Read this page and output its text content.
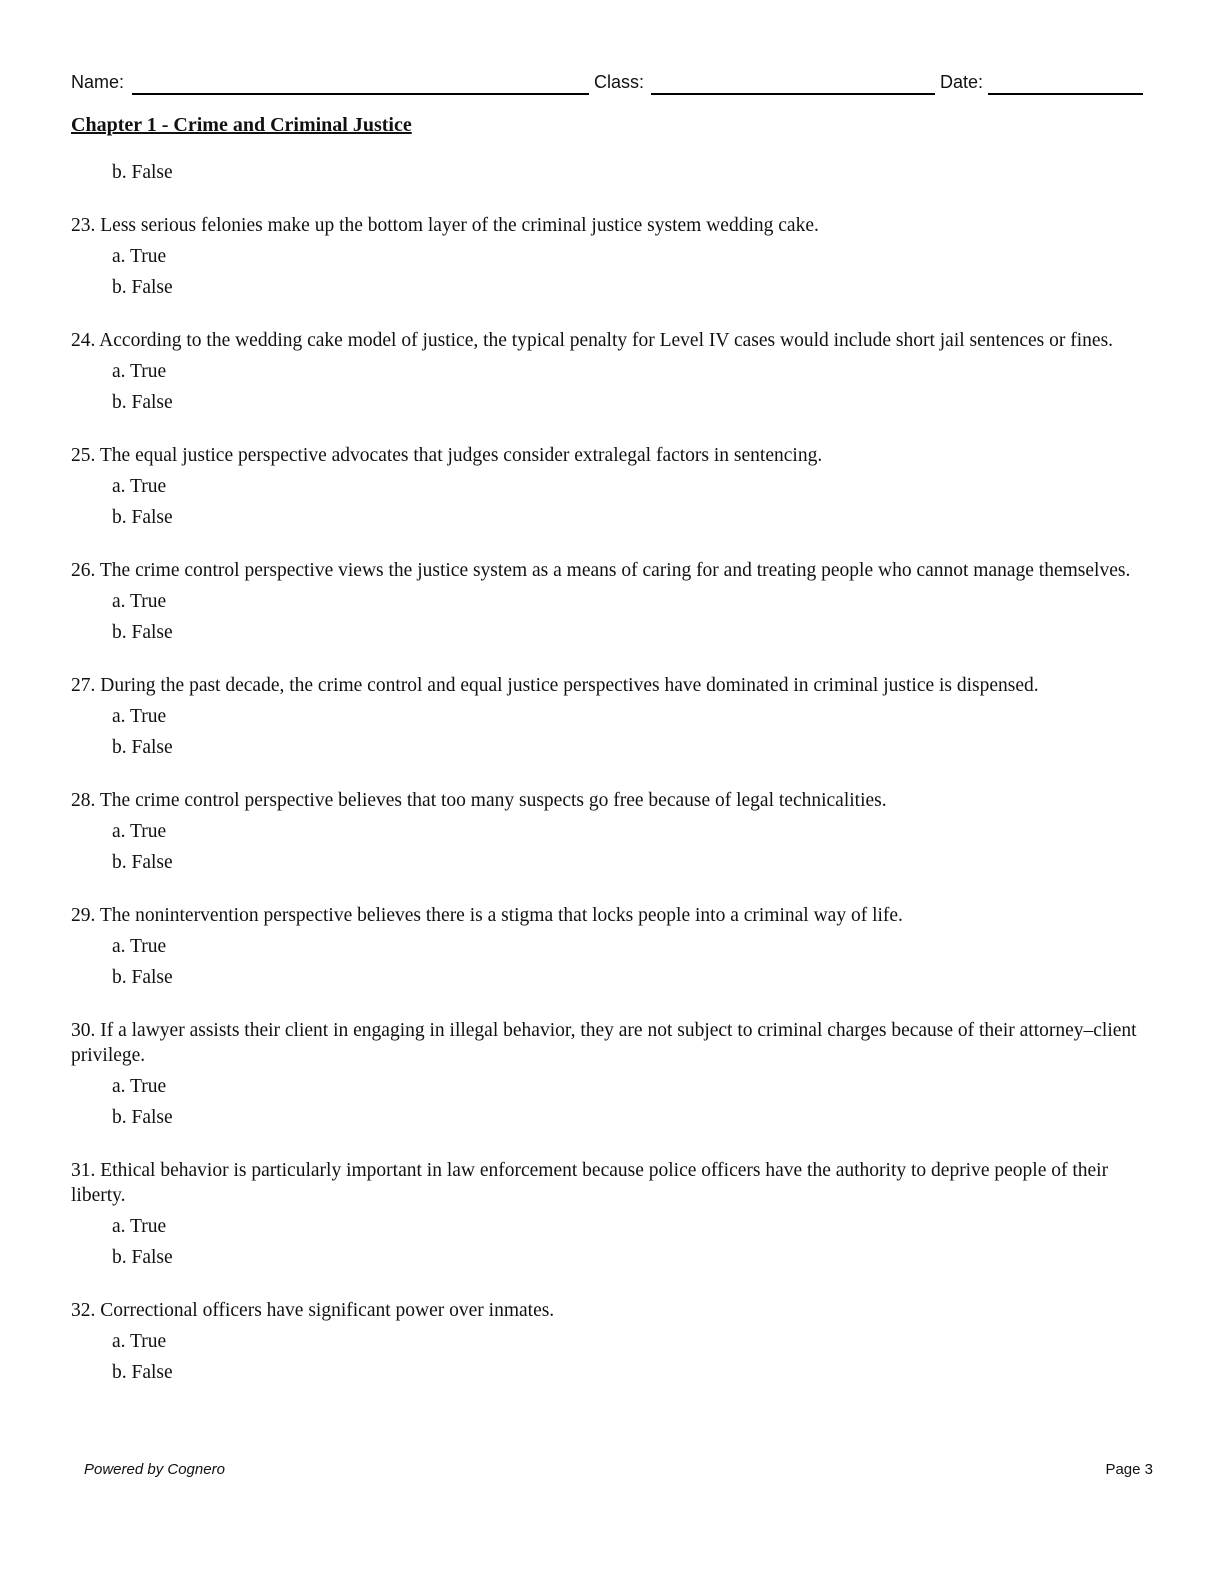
Name:	Class:	Date:
Chapter 1 - Crime and Criminal Justice
b. False
23. Less serious felonies make up the bottom layer of the criminal justice system wedding cake.
a. True
b. False
24. According to the wedding cake model of justice, the typical penalty for Level IV cases would include short jail sentences or fines.
a. True
b. False
25. The equal justice perspective advocates that judges consider extralegal factors in sentencing.
a. True
b. False
26. The crime control perspective views the justice system as a means of caring for and treating people who cannot manage themselves.
a. True
b. False
27. During the past decade, the crime control and equal justice perspectives have dominated in criminal justice is dispensed.
a. True
b. False
28. The crime control perspective believes that too many suspects go free because of legal technicalities.
a. True
b. False
29. The nonintervention perspective believes there is a stigma that locks people into a criminal way of life.
a. True
b. False
30. If a lawyer assists their client in engaging in illegal behavior, they are not subject to criminal charges because of their attorney–client privilege.
a. True
b. False
31. Ethical behavior is particularly important in law enforcement because police officers have the authority to deprive people of their liberty.
a. True
b. False
32. Correctional officers have significant power over inmates.
a. True
b. False
Powered by Cognero	Page 3
